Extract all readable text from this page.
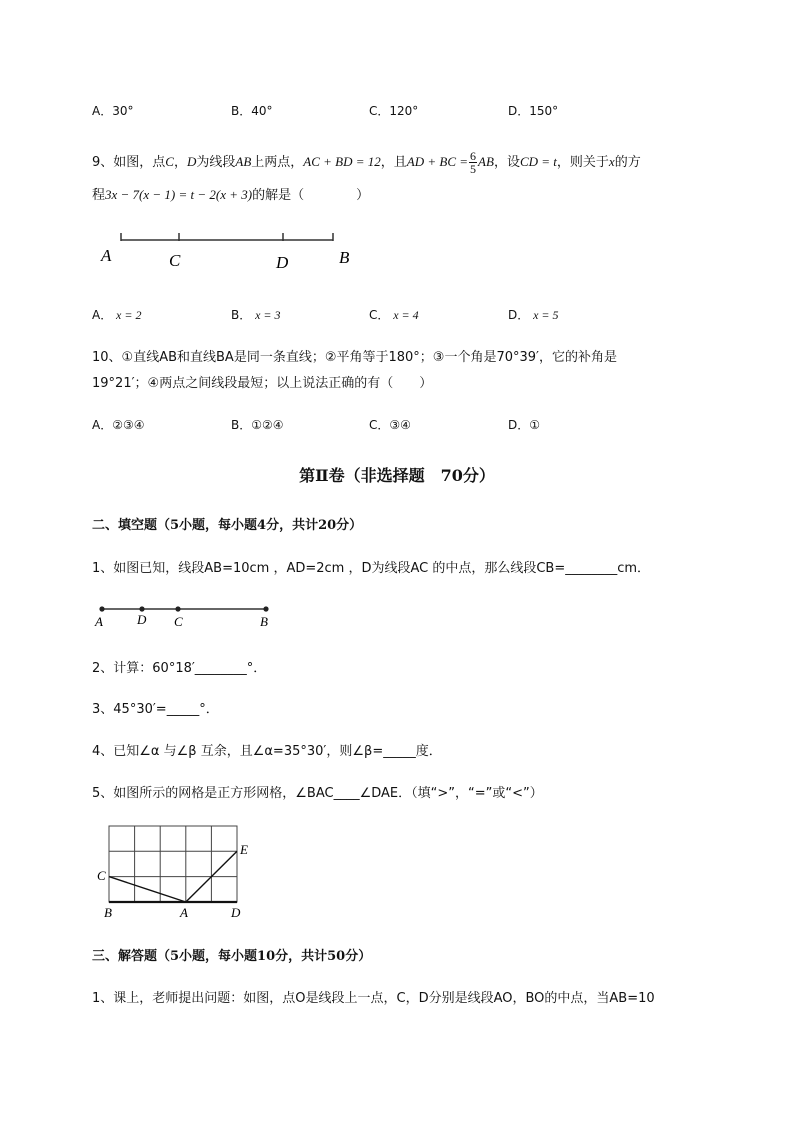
A．30°	B．40°	C．120°	D．150°
9、如图，点C，D为线段AB上两点，AC + BD = 12，且AD + BC = $\frac{6}{5}$ AB，设CD = t，则关于x的方
程3x − 7(x − 1) = t − 2(x + 3)的解是（　　　　）
A	C	D	B
A． x = 2	B． x = 3	C． x = 4	D． x = 5
10、①直线AB和直线BA是同一条直线；②平角等于180°；③一个角是70°39′，它的补角是
19°21′；④两点之间线段最短；以上说法正确的有（　　）
A．②③④	B．①②④	C．③④	D．①
第Ⅱ卷（非选择题　70分）
二、填空题（5小题，每小题4分，共计20分）
1、如图已知，线段AB=10cm ，AD=2cm ，D为线段AC 的中点，那么线段CB=________cm．
A	D C	B
2、计算：60°18′________°．
3、45°30′=_____°．
4、已知∠α 与∠β 互余，且∠α=35°30′，则∠β=_____度．
5、如图所示的网格是正方形网格，∠BAC____∠DAE．（填“>”，“=”或“<”）
C
E
B	A	D
三、解答题（5小题，每小题10分，共计50分）
1、课上，老师提出问题：如图，点O是线段上一点，C，D分别是线段AO，BO的中点，当AB=10
